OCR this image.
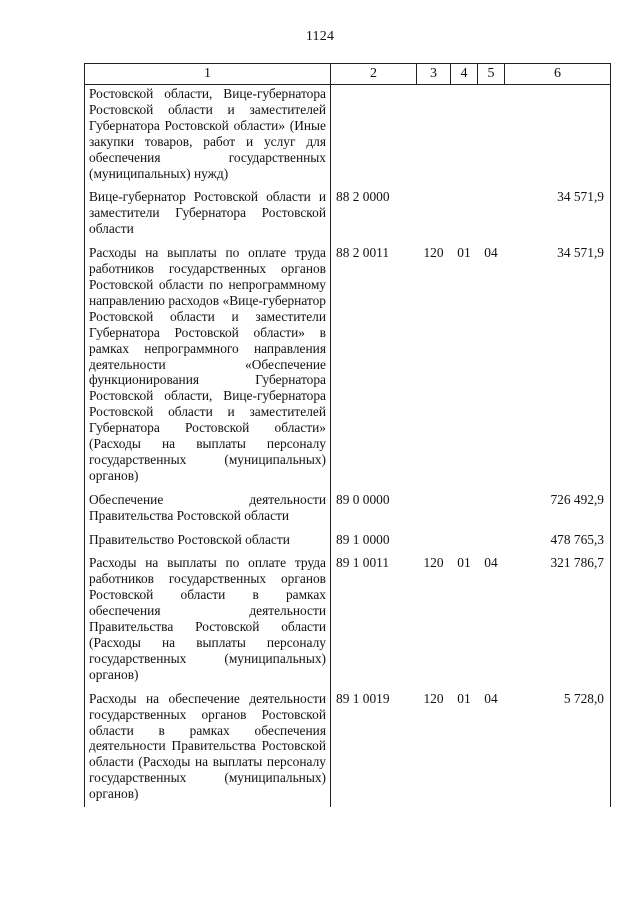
1124
1	2	3	4	5	6
Ростовской области, Вице-губернатора Ростовской области и заместителей Губернатора Ростовской области» (Иные закупки товаров, работ и услуг для обеспечения государственных (муниципальных) нужд)					
Вице-губернатор Ростовской области и заместители Губернатора Ростовской области	88 2 0000				34 571,9
Расходы на выплаты по оплате труда работников государственных органов Ростовской области по непрограммному направлению расходов «Вице-губернатор Ростовской области и заместители Губернатора Ростовской области» в рамках непрограммного направления деятельности «Обеспечение функционирования Губернатора Ростовской области, Вице-губернатора Ростовской области и заместителей Губернатора Ростовской области» (Расходы на выплаты персоналу государственных (муниципальных) органов)	88 2 0011	120	01	04	34 571,9
Обеспечение деятельности Правительства Ростовской области	89 0 0000				726 492,9
Правительство Ростовской области	89 1 0000				478 765,3
Расходы на выплаты по оплате труда работников государственных органов Ростовской области в рамках обеспечения деятельности Правительства Ростовской области (Расходы на выплаты персоналу государственных (муниципальных) органов)	89 1 0011	120	01	04	321 786,7
Расходы на обеспечение деятельности государственных органов Ростовской области в рамках обеспечения деятельности Правительства Ростовской области (Расходы на выплаты персоналу государственных (муниципальных) органов)	89 1 0019	120	01	04	5 728,0
